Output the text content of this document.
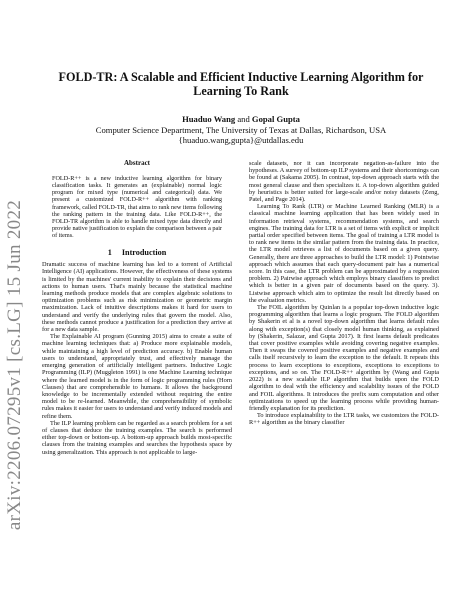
arXiv:2206.07295v1 [cs.LG] 15 Jun 2022
FOLD-TR: A Scalable and Efficient Inductive Learning Algorithm for Learning To Rank
Huaduo Wang and Gopal Gupta
Computer Science Department, The University of Texas at Dallas, Richardson, USA
{huaduo.wang,gupta}@utdallas.edu
Abstract

FOLD-R++ is a new inductive learning algorithm for binary classification tasks. It generates an (explainable) normal logic program for mixed type (numerical and categorical) data. We present a customized FOLD-R++ algorithm with ranking framework, called FOLD-TR, that aims to rank new items following the ranking pattern in the training data. Like FOLD-R++, the FOLD-TR algorithm is able to handle mixed type data directly and provide native justification to explain the comparison between a pair of items.

1 Introduction

Dramatic success of machine learning has led to a torrent of Artificial Intelligence (AI) applications. However, the effectiveness of these systems is limited by the machines' current inability to explain their decisions and actions to human users. That's mainly because the statistical machine learning methods produce models that are complex algebraic solutions to optimization problems such as risk minimization or geometric margin maximization. Lack of intuitive descriptions makes it hard for users to understand and verify the underlying rules that govern the model. Also, these methods cannot produce a justification for a prediction they arrive at for a new data sample.

The Explainable AI program (Gunning 2015) aims to create a suite of machine learning techniques that: a) Produce more explainable models, while maintaining a high level of prediction accuracy. b) Enable human users to understand, appropriately trust, and effectively manage the emerging generation of artificially intelligent partners. Inductive Logic Programming (ILP) (Muggleton 1991) is one Machine Learning technique where the learned model is in the form of logic programming rules (Horn Clauses) that are comprehensible to humans. It allows the background knowledge to be incrementally extended without requiring the entire model to be re-learned. Meanwhile, the comprehensibility of symbolic rules makes it easier for users to understand and verify induced models and refine them.

The ILP learning problem can be regarded as a search problem for a set of clauses that deduce the training examples. The search is performed either top-down or bottom-up. A bottom-up approach builds most-specific clauses from the training examples and searches the hypothesis space by using generalization. This approach is not applicable to large-

scale datasets, nor it can incorporate negation-as-failure into the hypotheses. A survey of bottom-up ILP systems and their shortcomings can be found at (Sakama 2005). In contrast, top-down approach starts with the most general clause and then specializes it. A top-down algorithm guided by heuristics is better suited for large-scale and/or noisy datasets (Zeng, Patel, and Page 2014).

Learning To Rank (LTR) or Machine Learned Ranking (MLR) is a classical machine learning application that has been widely used in information retrieval systems, recommendation systems, and search engines. The training data for LTR is a set of items with explicit or implicit partial order specified between items. The goal of training a LTR model is to rank new items in the similar pattern from the training data. In practice, the LTR model retrieves a list of documents based on a given query. Generally, there are three approaches to build the LTR model: 1) Pointwise approach which assumes that each query-document pair has a numerical score. In this case, the LTR problem can be approximated by a regression problem. 2) Pairwise approach which employs binary classifiers to predict which is better in a given pair of documents based on the query. 3). Listwise approach which aim to optimize the result list directly based on the evaluation metrics.

The FOIL algorithm by Quinlan is a popular top-down inductive logic programming algorithm that learns a logic program. The FOLD algorithm by Shakerin et al is a novel top-down algorithm that learns default rules along with exception(s) that closely model human thinking, as explained by (Shakerin, Salazar, and Gupta 2017). It first learns default predicates that cover positive examples while avoiding covering negative examples. Then it swaps the covered positive examples and negative examples and calls itself recursively to learn the exception to the default. It repeats this process to learn exceptions to exceptions, exceptions to exceptions to exceptions, and so on. The FOLD-R++ algorithm by (Wang and Gupta 2022) is a new scalable ILP algorithm that builds upon the FOLD algorithm to deal with the efficiency and scalability issues of the FOLD and FOIL algorithms. It introduces the prefix sum computation and other optimizations to speed up the learning process while providing human-friendly explanation for its prediction.

To introduce explainability to the LTR tasks, we customizes the FOLD-R++ algorithm as the binary classifier
